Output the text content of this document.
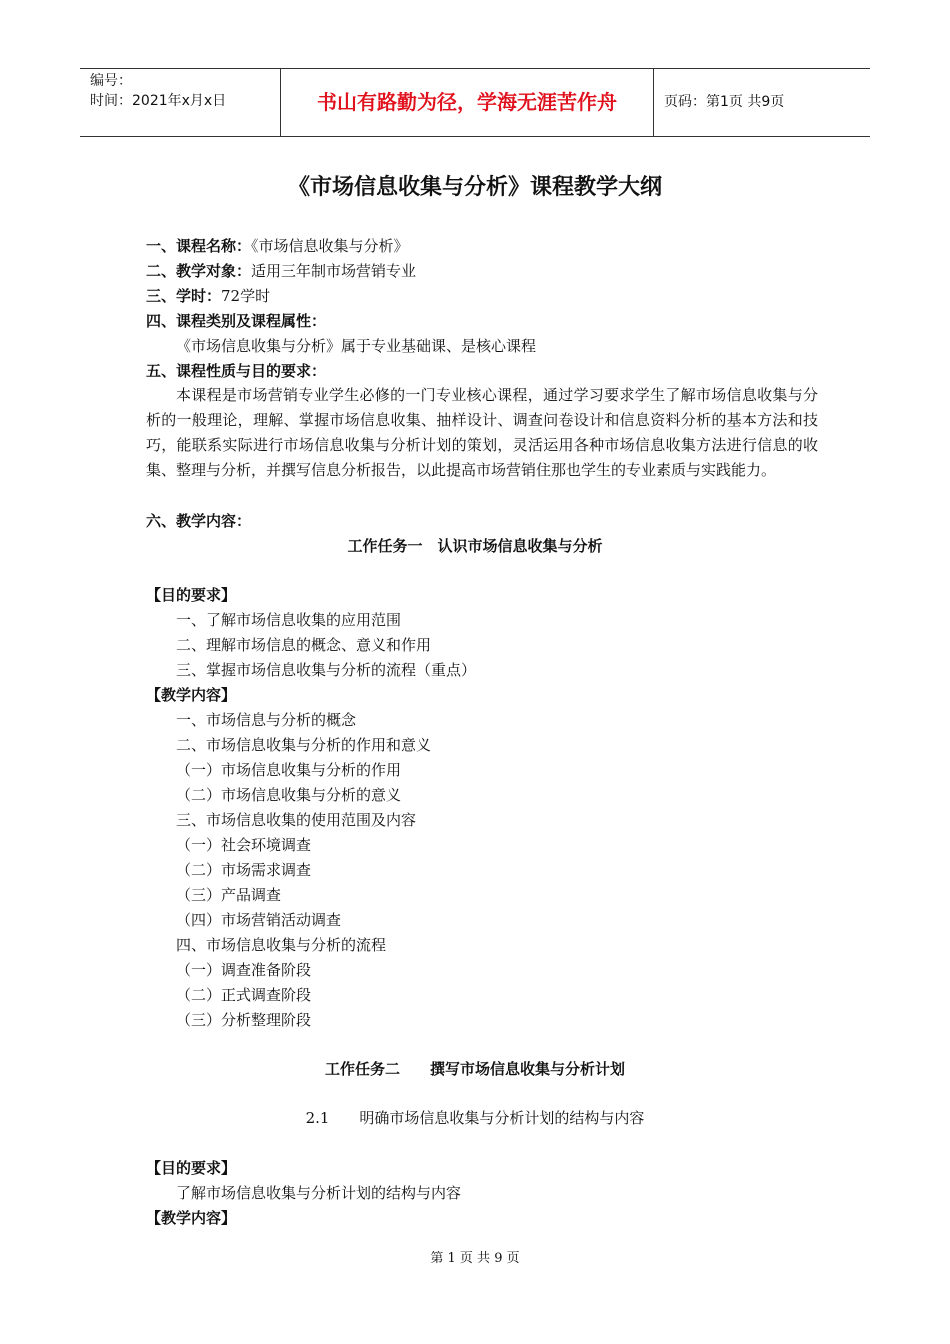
编号：
时间：2021年x月x日	书山有路勤为径，学海无涯苦作舟	页码：第1页 共9页
《市场信息收集与分析》课程教学大纲
一、课程名称：《市场信息收集与分析》
二、教学对象：适用三年制市场营销专业
三、学时：72学时
四、课程类别及课程属性：
《市场信息收集与分析》属于专业基础课、是核心课程
五、课程性质与目的要求：
本课程是市场营销专业学生必修的一门专业核心课程，通过学习要求学生了解市场信息收集与分析的一般理论，理解、掌握市场信息收集、抽样设计、调查问卷设计和信息资料分析的基本方法和技巧，能联系实际进行市场信息收集与分析计划的策划，灵活运用各种市场信息收集方法进行信息的收集、整理与分析，并撰写信息分析报告，以此提高市场营销住那也学生的专业素质与实践能力。
六、教学内容：
工作任务一　认识市场信息收集与分析
【目的要求】
一、了解市场信息收集的应用范围
二、理解市场信息的概念、意义和作用
三、掌握市场信息收集与分析的流程（重点）
【教学内容】
一、市场信息与分析的概念
二、市场信息收集与分析的作用和意义
（一）市场信息收集与分析的作用
（二）市场信息收集与分析的意义
三、市场信息收集的使用范围及内容
（一）社会环境调查
（二）市场需求调查
（三）产品调查
（四）市场营销活动调查
四、市场信息收集与分析的流程
（一）调查准备阶段
（二）正式调查阶段
（三）分析整理阶段
工作任务二　　撰写市场信息收集与分析计划
2.1　　明确市场信息收集与分析计划的结构与内容
【目的要求】
了解市场信息收集与分析计划的结构与内容
【教学内容】
第 1 页 共 9 页
